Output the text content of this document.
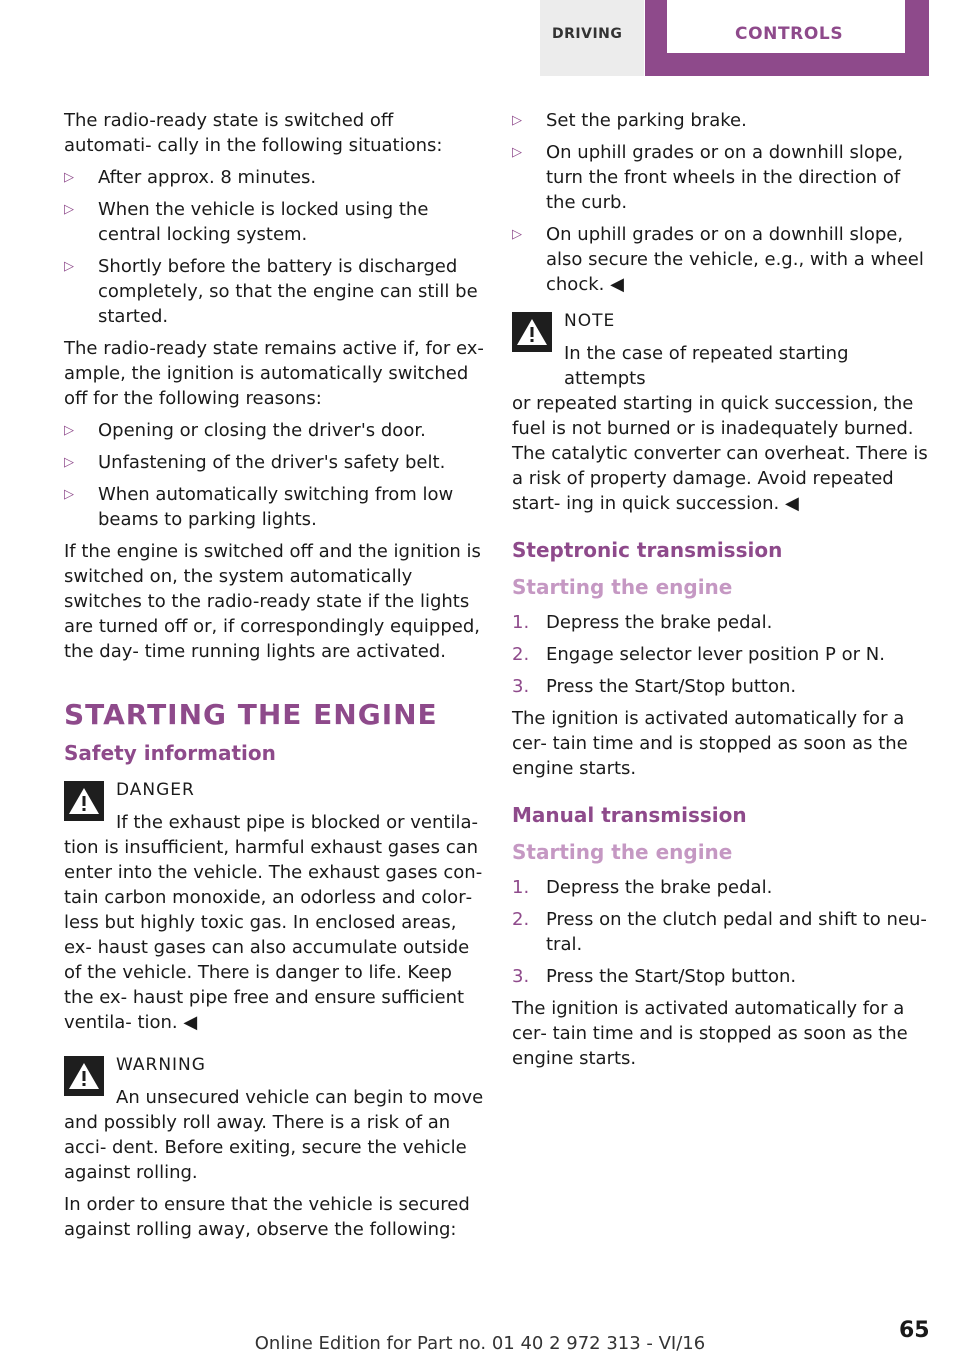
DRIVING	CONTROLS

The radio-ready state is switched off automati‐ cally in the following situations:

▷ After approx. 8 minutes.
▷ When the vehicle is locked using the central locking system.
▷ Shortly before the battery is discharged completely, so that the engine can still be started.

The radio-ready state remains active if, for ex‐ ample, the ignition is automatically switched off for the following reasons:

▷ Opening or closing the driver's door.
▷ Unfastening of the driver's safety belt.
▷ When automatically switching from low beams to parking lights.

If the engine is switched off and the ignition is switched on, the system automatically switches to the radio-ready state if the lights are turned off or, if correspondingly equipped, the day‐ time running lights are activated.

STARTING THE ENGINE
Safety information
DANGER
If the exhaust pipe is blocked or ventila‐
tion is insufficient, harmful exhaust gases can enter into the vehicle. The exhaust gases con‐ tain carbon monoxide, an odorless and color‐ less but highly toxic gas. In enclosed areas, ex‐ haust gases can also accumulate outside of the vehicle. There is danger to life. Keep the ex‐ haust pipe free and ensure sufficient ventila‐ tion. ◀
WARNING
An unsecured vehicle can begin to move
and possibly roll away. There is a risk of an acci‐ dent. Before exiting, secure the vehicle against rolling.

In order to ensure that the vehicle is secured against rolling away, observe the following:

▷ Set the parking brake.
▷ On uphill grades or on a downhill slope, turn the front wheels in the direction of the curb.
▷ On uphill grades or on a downhill slope, also secure the vehicle, e.g., with a wheel chock. ◀
NOTE
In the case of repeated starting attempts
or repeated starting in quick succession, the fuel is not burned or is inadequately burned. The catalytic converter can overheat. There is a risk of property damage. Avoid repeated start‐ ing in quick succession. ◀
Steptronic transmission
Starting the engine
1. Depress the brake pedal.
2. Engage selector lever position P or N.
3. Press the Start/Stop button.

The ignition is activated automatically for a cer‐ tain time and is stopped as soon as the engine starts.

Manual transmission
Starting the engine
1. Depress the brake pedal.
2. Press on the clutch pedal and shift to neu‐ tral.
3. Press the Start/Stop button.

The ignition is activated automatically for a cer‐ tain time and is stopped as soon as the engine starts.

65
Online Edition for Part no. 01 40 2 972 313 - VI/16
